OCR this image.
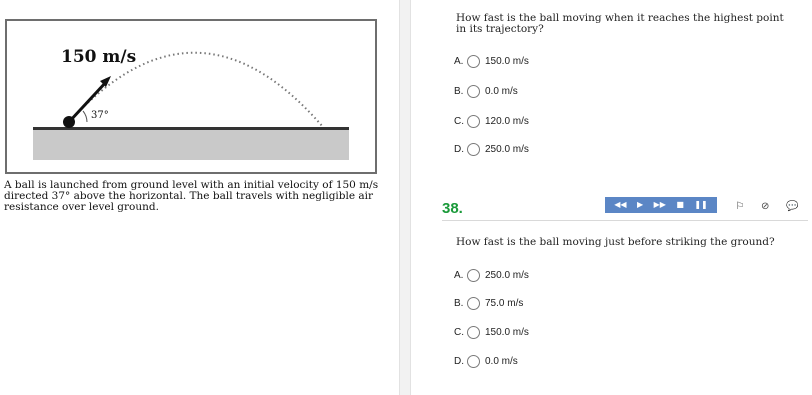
150 m/s
37°
A ball is launched from ground level with an initial velocity of 150 m/s directed 37° above the horizontal. The ball travels with negligible air resistance over level ground.
How fast is the ball moving when it reaches the highest point in its trajectory?
A.	150.0 m/s
B.	0.0 m/s
C.	120.0 m/s
D.	250.0 m/s
38.	◀◀ ▶ ▶▶ ■ ❚❚	⚐ ⊘ 💬
How fast is the ball moving just before striking the ground?
A.	250.0 m/s
B.	75.0 m/s
C.	150.0 m/s
D.	0.0 m/s
